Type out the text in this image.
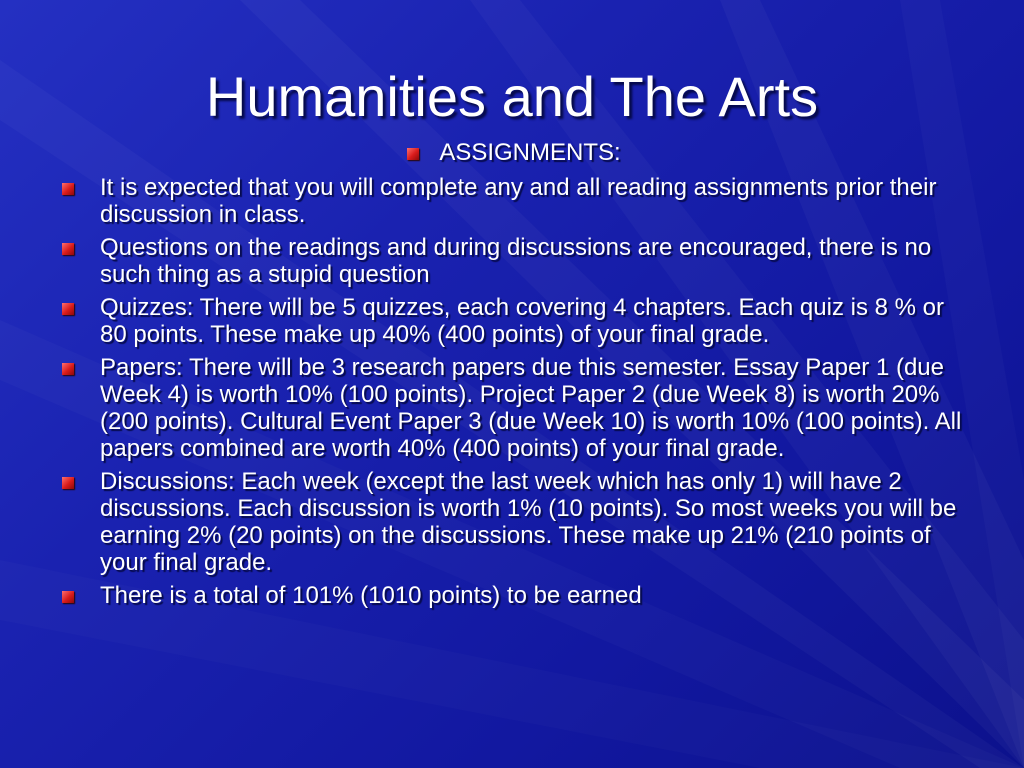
Humanities and The Arts
ASSIGNMENTS:
It is expected that you will complete any and all reading assignments prior their discussion in class.
Questions on the readings and during discussions are encouraged, there is no such thing as a stupid question
Quizzes: There will be 5 quizzes, each covering 4 chapters. Each quiz is 8 % or 80 points. These make up 40% (400 points) of your final grade.
Papers: There will be 3 research papers due this semester. Essay Paper 1 (due Week 4) is worth 10% (100 points). Project Paper 2 (due Week 8) is worth 20% (200 points). Cultural Event Paper 3 (due Week 10) is worth 10% (100 points). All papers combined are worth 40% (400 points) of your final grade.
Discussions: Each week (except the last week which has only 1) will have 2 discussions. Each discussion is worth 1% (10 points). So most weeks you will be earning 2% (20 points) on the discussions. These make up 21% (210 points of your final grade.
There is a total of 101% (1010 points) to be earned
